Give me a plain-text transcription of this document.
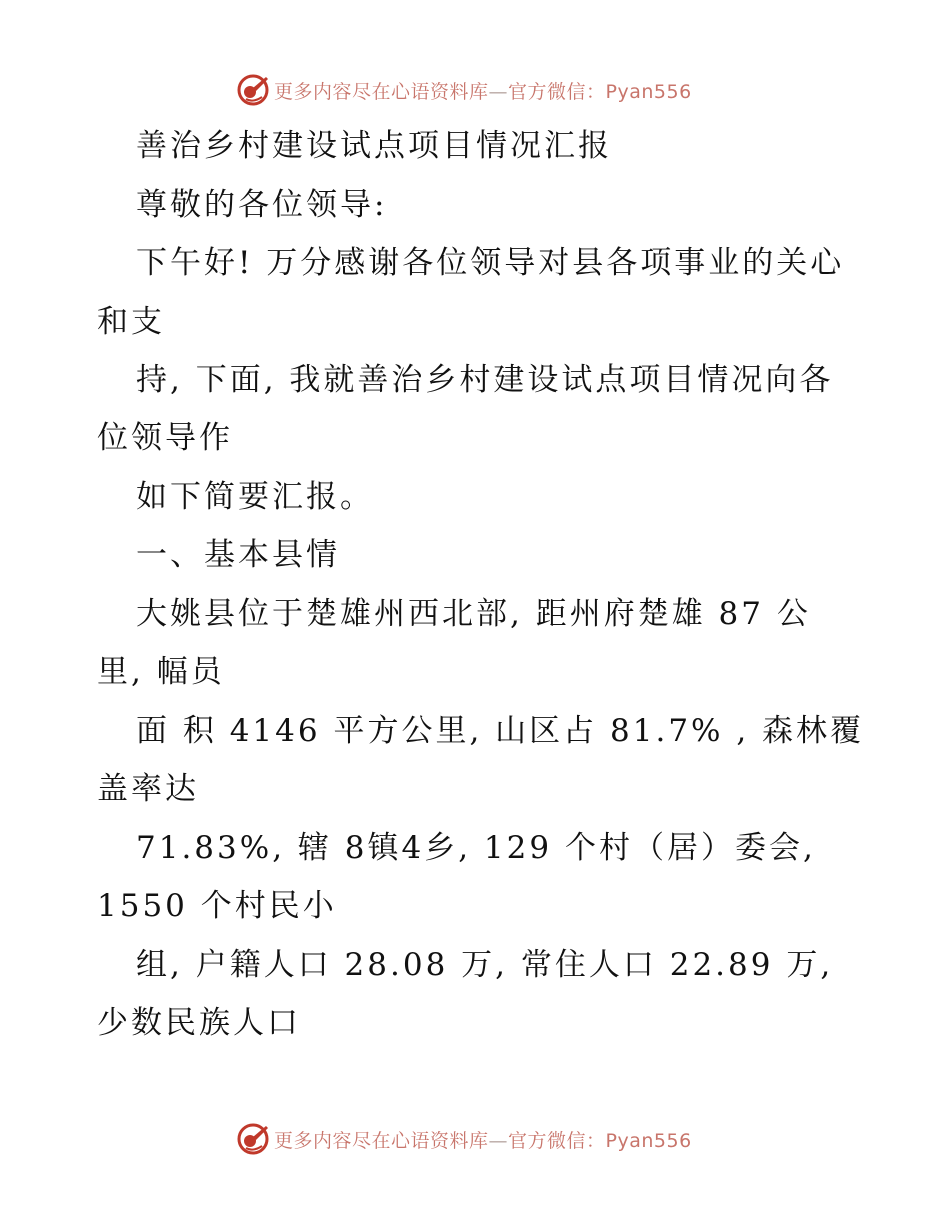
更多内容尽在心语资料库—官方微信：Pyan556
善治乡村建设试点项目情况汇报
尊敬的各位领导:
下午好! 万分感谢各位领导对县各项事业的关心
和支
持, 下面, 我就善治乡村建设试点项目情况向各
位领导作
如下简要汇报。
一、基本县情
大姚县位于楚雄州西北部, 距州府楚雄 87 公
里, 幅员
面 积 4146 平方公里, 山区占 81.7% , 森林覆
盖率达
71.83%, 辖 8镇4乡, 129 个村（居）委会,
1550 个村民小
组, 户籍人口 28.08 万, 常住人口 22.89 万,
少数民族人口
更多内容尽在心语资料库—官方微信：Pyan556
